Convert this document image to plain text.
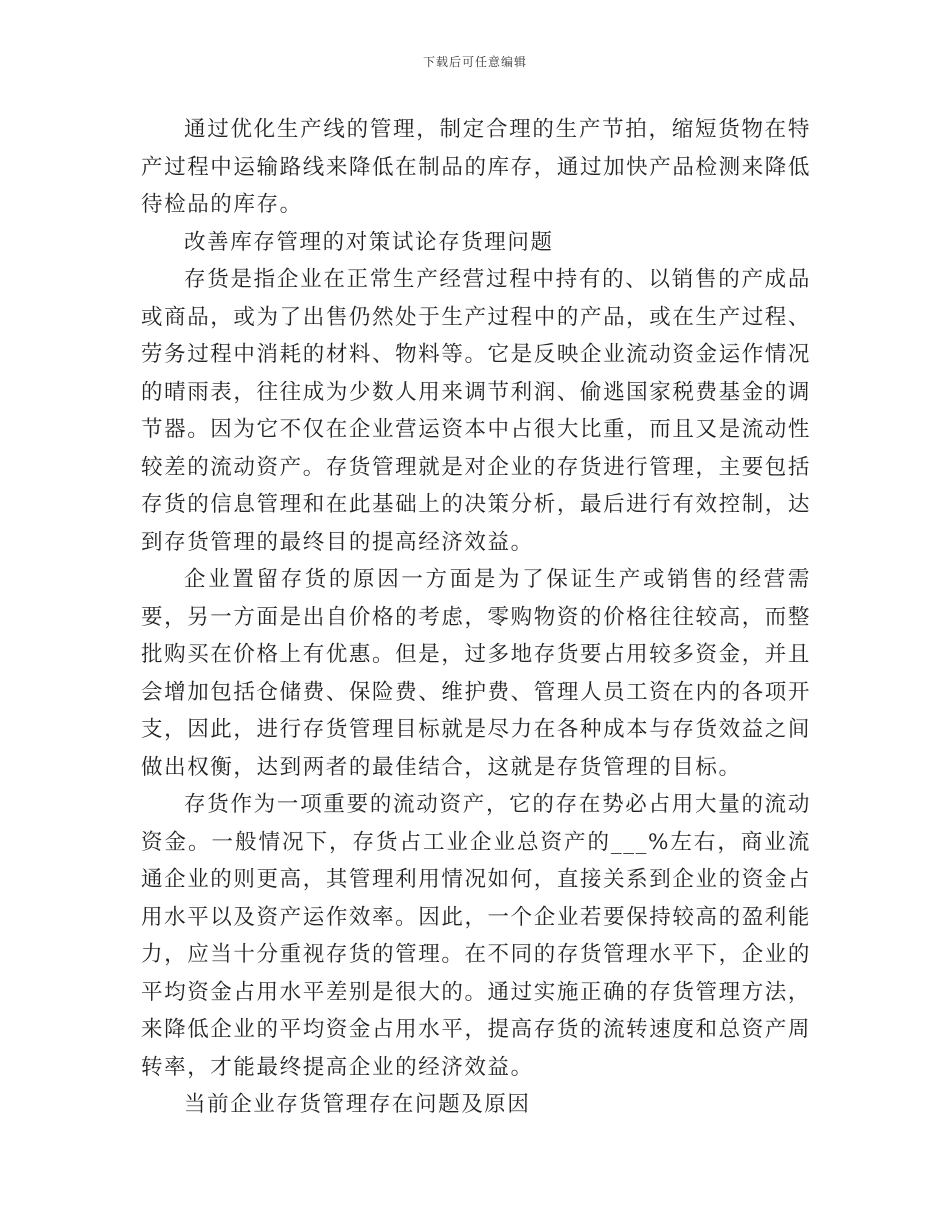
下载后可任意编辑

通过优化生产线的管理，制定合理的生产节拍，缩短货物在特产过程中运输路线来降低在制品的库存，通过加快产品检测来降低待检品的库存。

改善库存管理的对策试论存货理问题

存货是指企业在正常生产经营过程中持有的、以销售的产成品或商品，或为了出售仍然处于生产过程中的产品，或在生产过程、劳务过程中消耗的材料、物料等。它是反映企业流动资金运作情况的晴雨表，往往成为少数人用来调节利润、偷逃国家税费基金的调节器。因为它不仅在企业营运资本中占很大比重，而且又是流动性较差的流动资产。存货管理就是对企业的存货进行管理，主要包括存货的信息管理和在此基础上的决策分析，最后进行有效控制，达到存货管理的最终目的提高经济效益。

企业置留存货的原因一方面是为了保证生产或销售的经营需要，另一方面是出自价格的考虑，零购物资的价格往往较高，而整批购买在价格上有优惠。但是，过多地存货要占用较多资金，并且会增加包括仓储费、保险费、维护费、管理人员工资在内的各项开支，因此，进行存货管理目标就是尽力在各种成本与存货效益之间做出权衡，达到两者的最佳结合，这就是存货管理的目标。

存货作为一项重要的流动资产，它的存在势必占用大量的流动资金。一般情况下，存货占工业企业总资产的___%左右，商业流通企业的则更高，其管理利用情况如何，直接关系到企业的资金占用水平以及资产运作效率。因此，一个企业若要保持较高的盈利能力，应当十分重视存货的管理。在不同的存货管理水平下，企业的平均资金占用水平差别是很大的。通过实施正确的存货管理方法，来降低企业的平均资金占用水平，提高存货的流转速度和总资产周转率，才能最终提高企业的经济效益。

当前企业存货管理存在问题及原因
